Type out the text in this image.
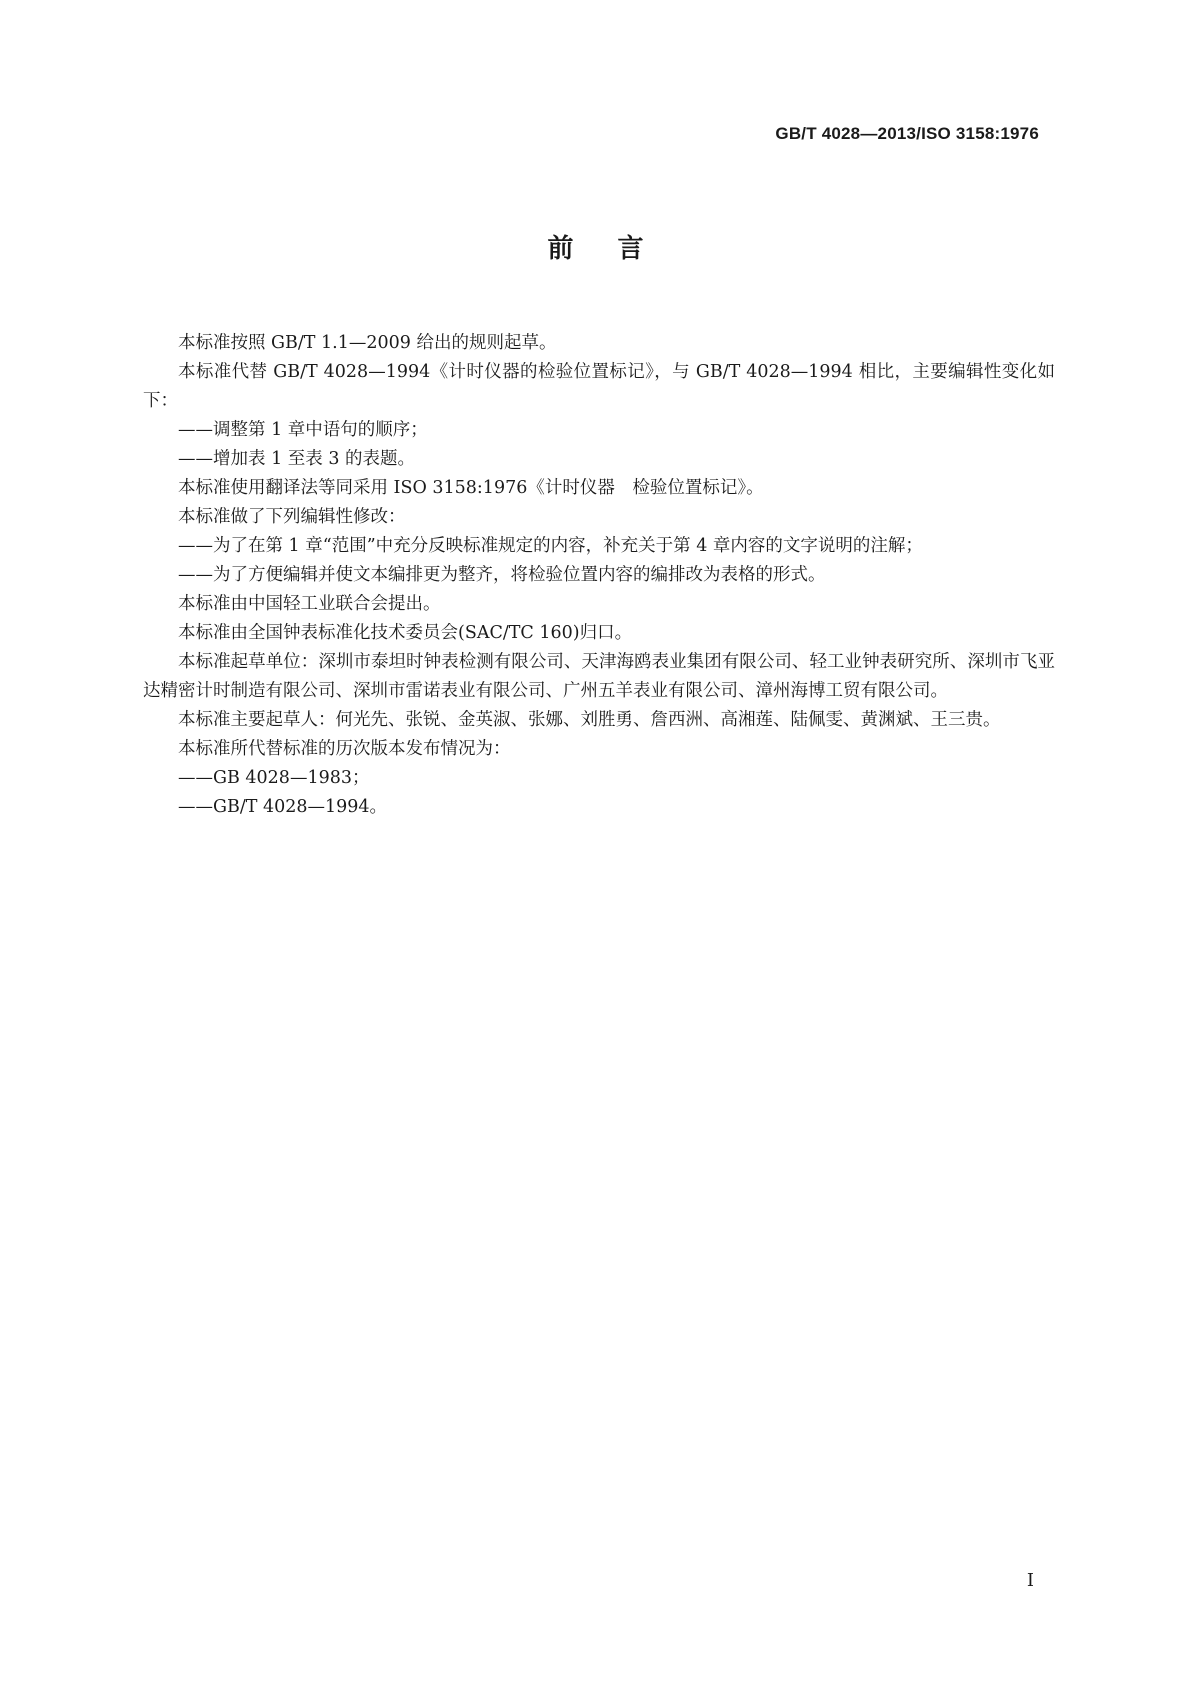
GB/T 4028—2013/ISO 3158:1976
前言

本标准按照 GB/T 1.1—2009 给出的规则起草。

本标准代替 GB/T 4028—1994《计时仪器的检验位置标记》，与 GB/T 4028—1994 相比，主要编辑性变化如下：

——调整第 1 章中语句的顺序；

——增加表 1 至表 3 的表题。

本标准使用翻译法等同采用 ISO 3158:1976《计时仪器　检验位置标记》。

本标准做了下列编辑性修改：

——为了在第 1 章“范围”中充分反映标准规定的内容，补充关于第 4 章内容的文字说明的注解；

——为了方便编辑并使文本编排更为整齐，将检验位置内容的编排改为表格的形式。

本标准由中国轻工业联合会提出。

本标准由全国钟表标准化技术委员会(SAC/TC 160)归口。

本标准起草单位：深圳市泰坦时钟表检测有限公司、天津海鸥表业集团有限公司、轻工业钟表研究所、深圳市飞亚达精密计时制造有限公司、深圳市雷诺表业有限公司、广州五羊表业有限公司、漳州海博工贸有限公司。

本标准主要起草人：何光先、张锐、金英淑、张娜、刘胜勇、詹西洲、高湘莲、陆佩雯、黄渊斌、王三贵。

本标准所代替标准的历次版本发布情况为：

——GB 4028—1983；

——GB/T 4028—1994。

I
